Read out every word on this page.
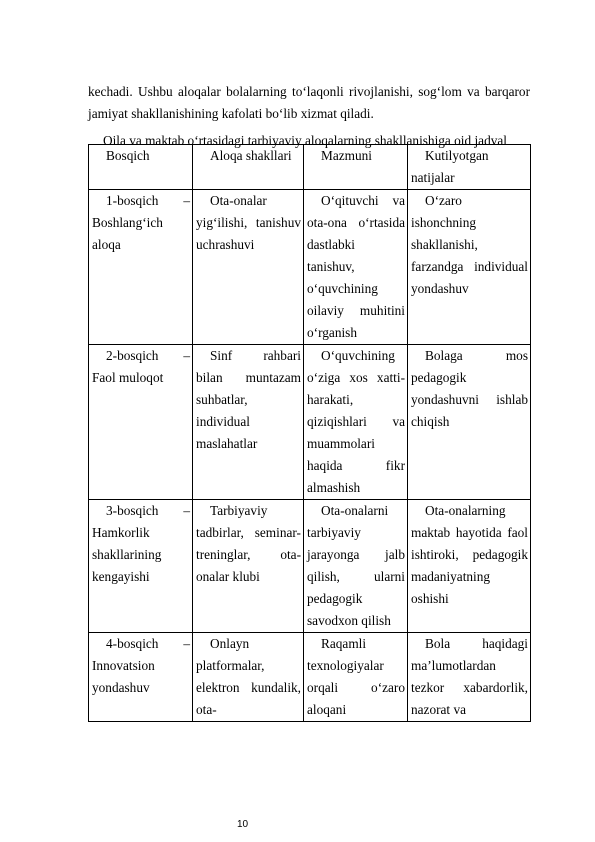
kechadi. Ushbu aloqalar bolalarning to‘laqonli rivojlanishi, sog‘lom va barqaror jamiyat shakllanishining kafolati bo‘lib xizmat qiladi.

Oila va maktab o‘rtasidagi tarbiyaviy aloqalarning shakllanishiga oid jadval

Bosqich	Aloqa shakllari	Mazmuni	Kutilyotgan natijalar
1-bosqich – Boshlang‘ich aloqa	Ota-onalar yig‘ilishi, tanishuv uchrashuvi	O‘qituvchi va ota-ona o‘rtasida dastlabki tanishuv, o‘quvchining oilaviy muhitini o‘rganish	O‘zaro ishonchning shakllanishi, farzandga individual yondashuv
2-bosqich – Faol muloqot	Sinf rahbari bilan muntazam suhbatlar, individual maslahatlar	O‘quvchining o‘ziga xos xatti-harakati, qiziqishlari va muammolari haqida fikr almashish	Bolaga mos pedagogik yondashuvni ishlab chiqish
3-bosqich – Hamkorlik shakllarining kengayishi	Tarbiyaviy tadbirlar, seminar-treninglar, ota-onalar klubi	Ota-onalarni tarbiyaviy jarayonga jalb qilish, ularni pedagogik savodxon qilish	Ota-onalarning maktab hayotida faol ishtiroki, pedagogik madaniyatning oshishi
4-bosqich – Innovatsion yondashuv	Onlayn platformalar, elektron kundalik, ota-	Raqamli texnologiyalar orqali o‘zaro aloqani	Bola haqidagi ma’lumotlardan tezkor xabardorlik, nazorat va
10
